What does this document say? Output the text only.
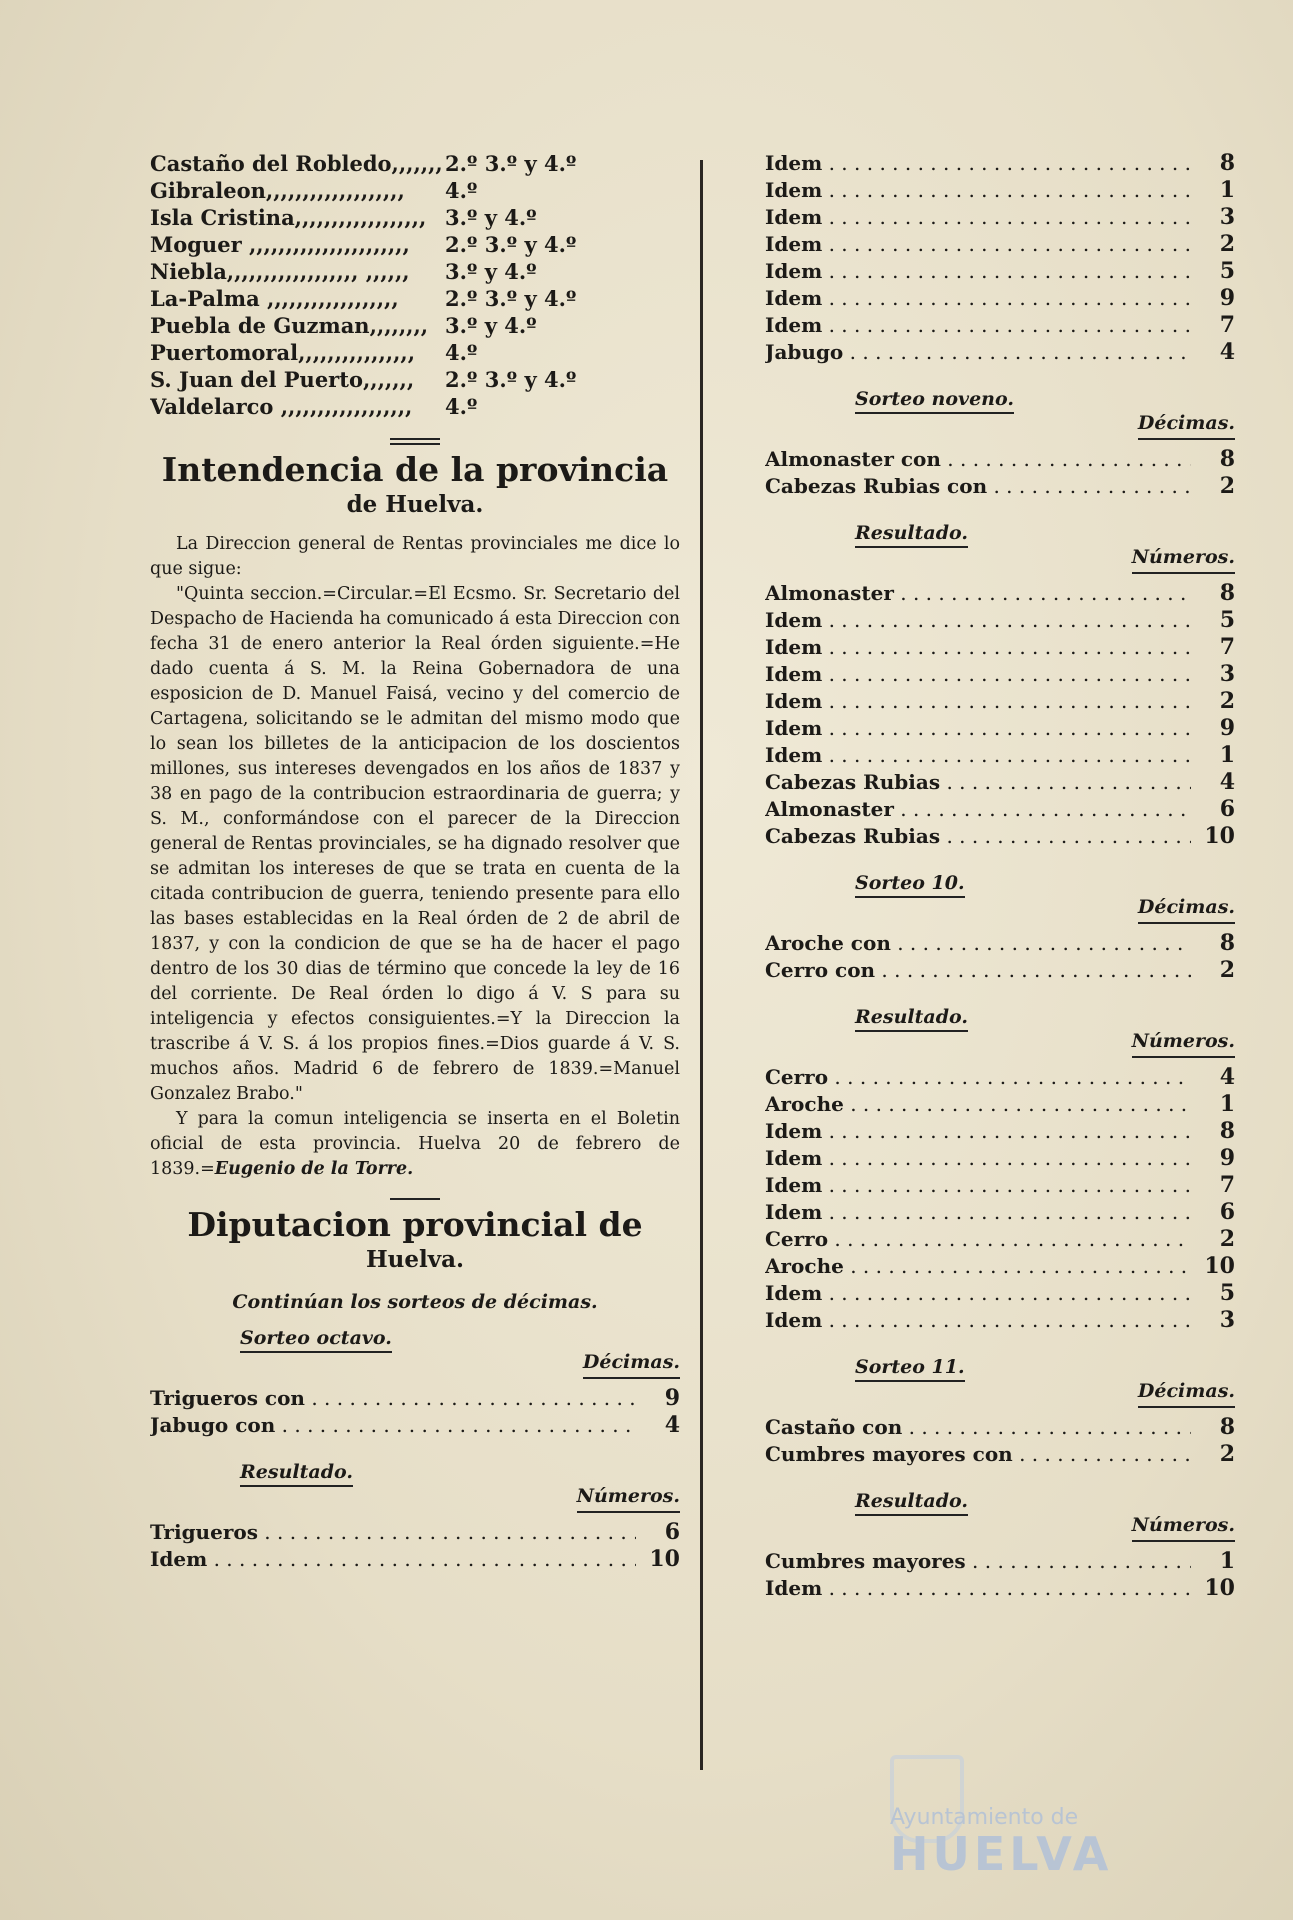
Castaño del Robledo,,,,,,, 2.º 3.º y 4.º
Gibraleon,,,,,,,,,,,,,,,,,,,	4.º
Isla Cristina,,,,,,,,,,,,,,,,,, 3.º y 4.º
Moguer ,,,,,,,,,,,,,,,,,,,,,,	2.º 3.º y 4.º
Niebla,,,,,,,,,,,,,,,,,, ,,,,,,	3.º y 4.º
La-Palma ,,,,,,,,,,,,,,,,,,	2.º 3.º y 4.º
Puebla de Guzman,,,,,,,, 3.º y 4.º
Puertomoral,,,,,,,,,,,,,,,,	4.º
S. Juan del Puerto,,,,,,,	2.º 3.º y 4.º
Valdelarco ,,,,,,,,,,,,,,,,,,	4.º
Intendencia de la provincia
de Huelva.

La Direccion general de Rentas provinciales me dice lo que sigue:

"Quinta seccion.=Circular.=El Ecsmo. Sr. Secretario del Despacho de Hacienda ha comunicado á esta Direccion con fecha 31 de enero anterior la Real órden siguiente.=He dado cuenta á S. M. la Reina Gobernadora de una esposicion de D. Manuel Faisá, vecino y del comercio de Cartagena, solicitando se le admitan del mismo modo que lo sean los billetes de la anticipacion de los doscientos millones, sus intereses devengados en los años de 1837 y 38 en pago de la contribucion estraordinaria de guerra; y S. M., conformándose con el parecer de la Direccion general de Rentas provinciales, se ha dignado resolver que se admitan los intereses de que se trata en cuenta de la citada contribucion de guerra, teniendo presente para ello las bases establecidas en la Real órden de 2 de abril de 1837, y con la condicion de que se ha de hacer el pago dentro de los 30 dias de término que concede la ley de 16 del corriente. De Real órden lo digo á V. S para su inteligencia y efectos consiguientes.=Y la Direccion la trascribe á V. S. á los propios fines.=Dios guarde á V. S. muchos años. Madrid 6 de febrero de 1839.=Manuel Gonzalez Brabo."

Y para la comun inteligencia se inserta en el Boletin oficial de esta provincia. Huelva 20 de febrero de 1839.=Eugenio de la Torre.

Diputacion provincial de
Huelva.
Continúan los sorteos de décimas.
Sorteo octavo.
Décimas.
Trigueros con . . .	9
Jabugo con . . .	4
Resultado.
Números.
Trigueros . . .	6
Idem . . .	10
Idem . . .	8
Idem . . .	1
Idem . . .	3
Idem . . .	2
Idem . . .	5
Idem . . .	9
Idem . . .	7
Jabugo . . .	4
Sorteo noveno.
Décimas.
Almonaster con . . .	8
Cabezas Rubias con . . .	2
Resultado.
Números.
Almonaster . . .	8
Idem . . .	5
Idem . . .	7
Idem . . .	3
Idem . . .	2
Idem . . .	9
Idem . . .	1
Cabezas Rubias . . .	4
Almonaster . . .	6
Cabezas Rubias . . .	10
Sorteo 10.
Décimas.
Aroche con . . .	8
Cerro con . . .	2
Resultado.
Números.
Cerro . . .	4
Aroche . . .	1
Idem . . .	8
Idem . . .	9
Idem . . .	7
Idem . . .	6
Cerro . . .	2
Aroche . . .	10
Idem . . .	5
Idem . . .	3
Sorteo 11.
Décimas.
Castaño con . . .	8
Cumbres mayores con . . .	2
Resultado.
Números.
Cumbres mayores . . .	1
Idem . . .	10
Ayuntamiento de
HUELVA
